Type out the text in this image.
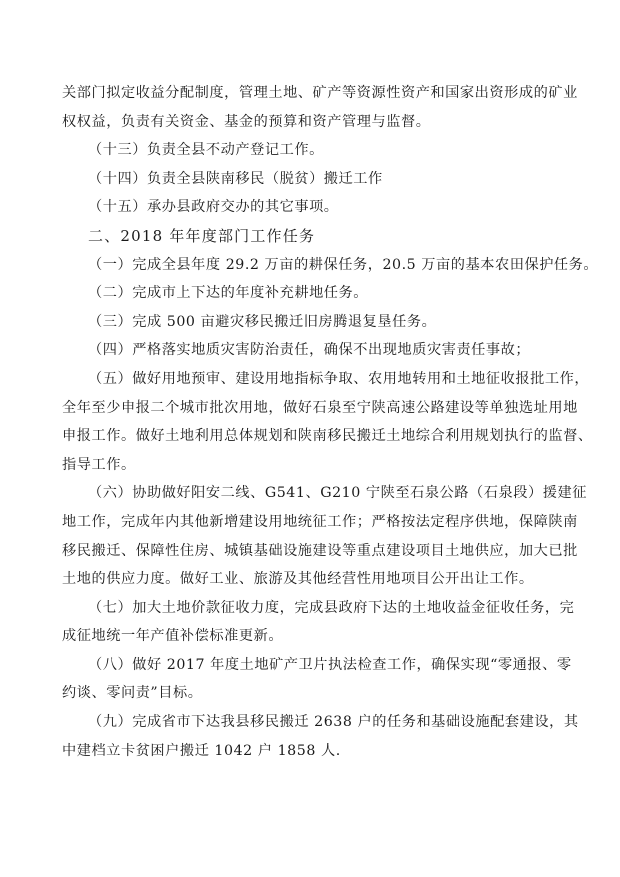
关部门拟定收益分配制度，管理土地、矿产等资源性资产和国家出资形成的矿业
权权益，负责有关资金、基金的预算和资产管理与监督。
（十三）负责全县不动产登记工作。
（十四）负责全县陕南移民（脱贫）搬迁工作
（十五）承办县政府交办的其它事项。
二、2018 年年度部门工作任务
（一）完成全县年度 29.2 万亩的耕保任务，20.5 万亩的基本农田保护任务。
（二）完成市上下达的年度补充耕地任务。
（三）完成 500 亩避灾移民搬迁旧房腾退复垦任务。
（四）严格落实地质灾害防治责任，确保不出现地质灾害责任事故；
（五）做好用地预审、建设用地指标争取、农用地转用和土地征收报批工作，
全年至少申报二个城市批次用地，做好石泉至宁陕高速公路建设等单独选址用地
申报工作。做好土地利用总体规划和陕南移民搬迁土地综合利用规划执行的监督、
指导工作。
（六）协助做好阳安二线、G541、G210 宁陕至石泉公路（石泉段）援建征
地工作，完成年内其他新增建设用地统征工作；严格按法定程序供地，保障陕南
移民搬迁、保障性住房、城镇基础设施建设等重点建设项目土地供应，加大已批
土地的供应力度。做好工业、旅游及其他经营性用地项目公开出让工作。
（七）加大土地价款征收力度，完成县政府下达的土地收益金征收任务，完
成征地统一年产值补偿标准更新。
（八）做好 2017 年度土地矿产卫片执法检查工作，确保实现“零通报、零
约谈、零问责”目标。
（九）完成省市下达我县移民搬迁 2638 户的任务和基础设施配套建设，其
中建档立卡贫困户搬迁 1042 户 1858 人.
